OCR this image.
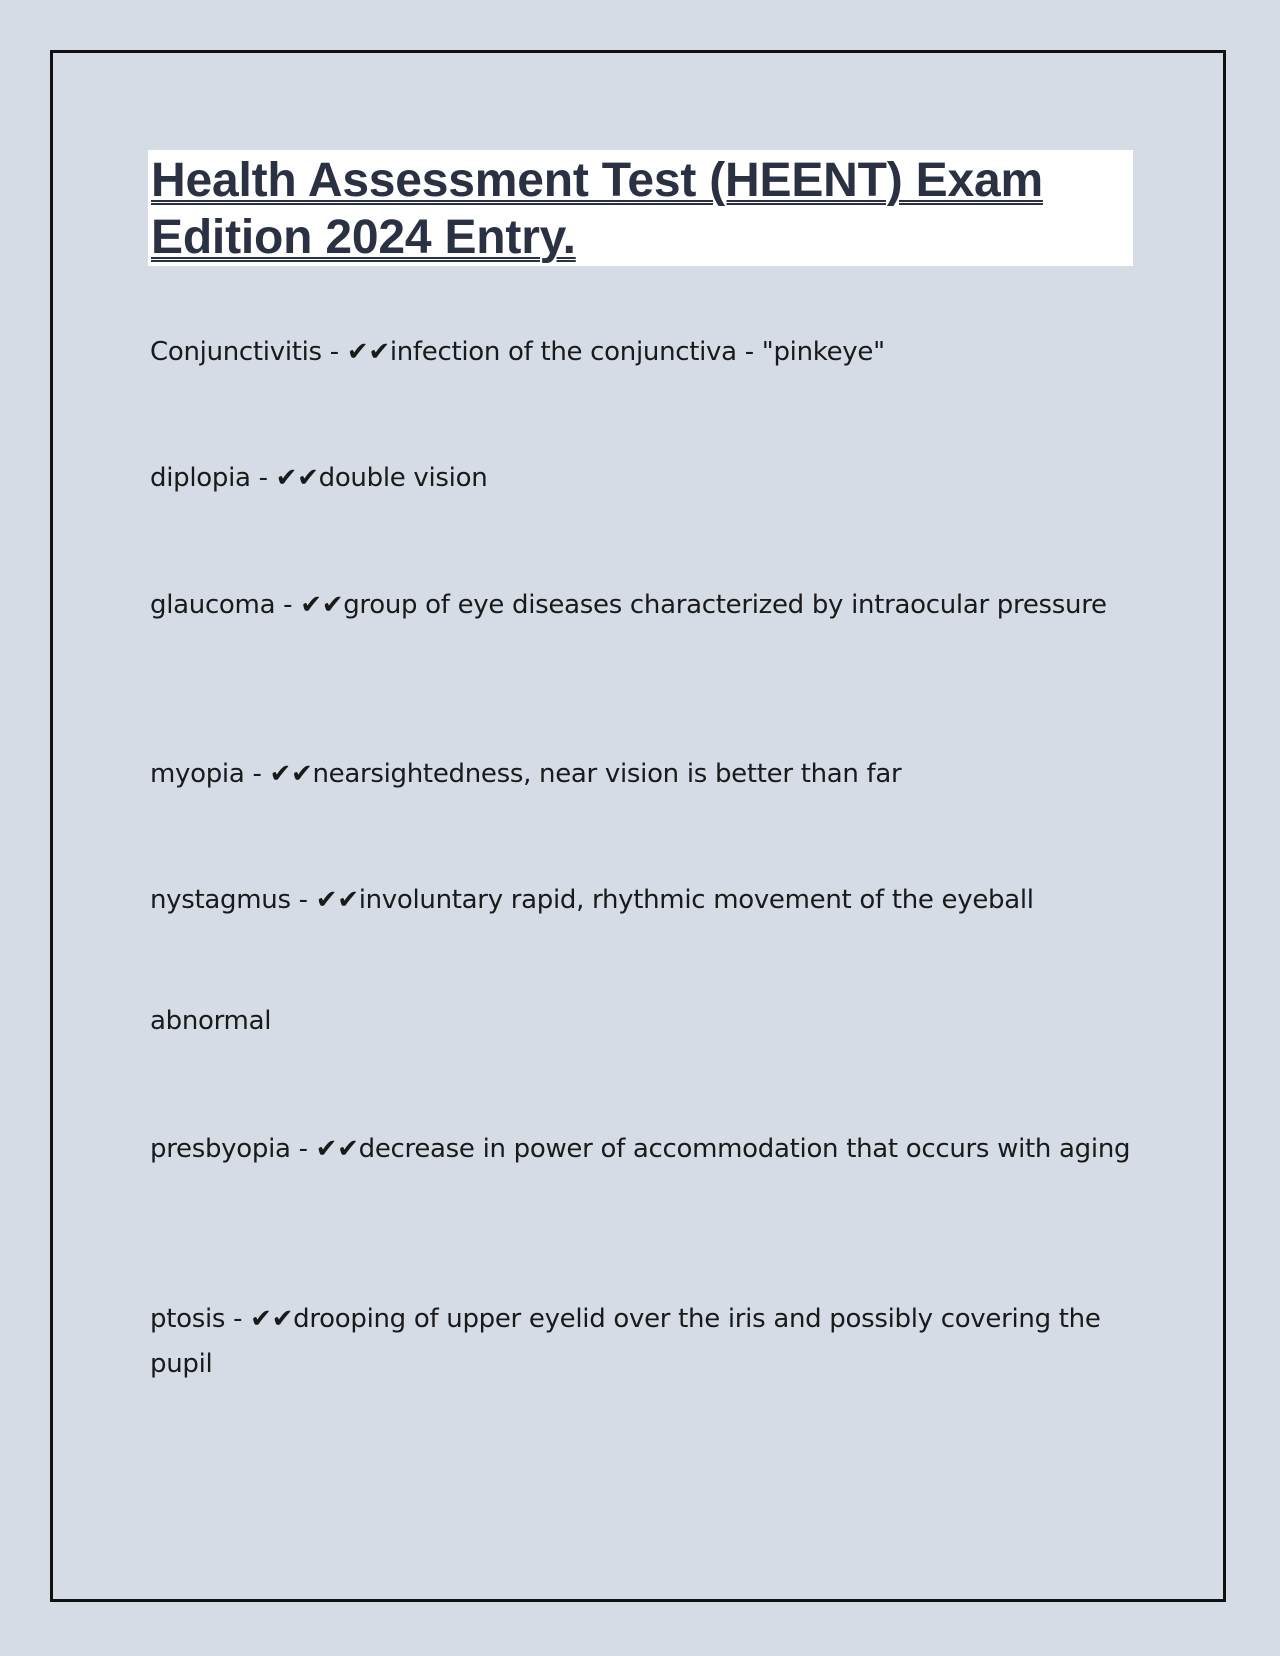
Health Assessment Test (HEENT) Exam Edition 2024 Entry.

Conjunctivitis - ✔✔infection of the conjunctiva - "pinkeye"

diplopia - ✔✔double vision

glaucoma - ✔✔group of eye diseases characterized by intraocular pressure

myopia - ✔✔nearsightedness, near vision is better than far

nystagmus - ✔✔involuntary rapid, rhythmic movement of the eyeball

abnormal

presbyopia - ✔✔decrease in power of accommodation that occurs with aging

ptosis - ✔✔drooping of upper eyelid over the iris and possibly covering the pupil
